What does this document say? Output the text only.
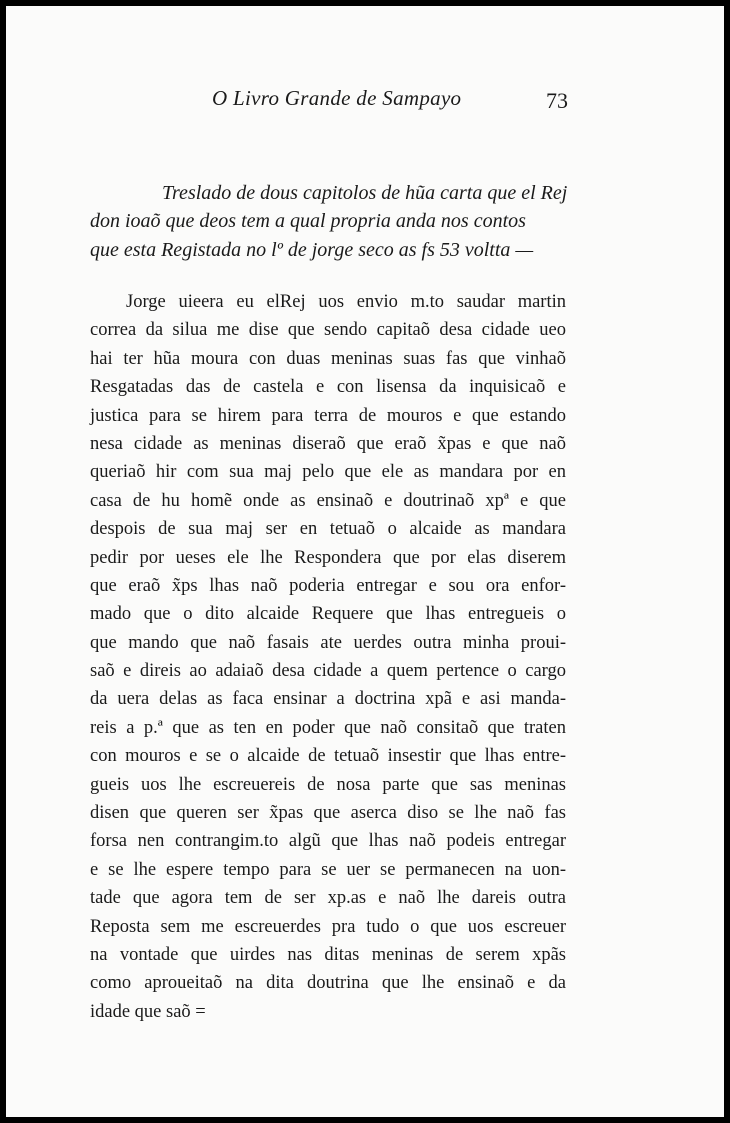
O Livro Grande de Sampayo	73
Treslado de dous capitolos de hũa carta que el Rej
don ioaõ que deos tem a qual propria anda nos contos
que esta Registada no lº de jorge seco as fs 53 voltta —
Jorge uieera eu elRej uos envio m.to saudar martin
correa da silua me dise que sendo capitaõ desa cidade ueo
hai ter hũa moura con duas meninas suas fas que vinhaõ
Resgatadas das de castela e con lisensa da inquisicaõ e
justica para se hirem para terra de mouros e que estando
nesa cidade as meninas diseraõ que eraõ x̃pas e que naõ
queriaõ hir com sua maj pelo que ele as mandara por en
casa de hu homẽ onde as ensinaõ e doutrinaõ xpª e que
despois de sua maj ser en tetuaõ o alcaide as mandara
pedir por ueses ele lhe Respondera que por elas diserem
que eraõ x̃ps lhas naõ poderia entregar e sou ora enfor-
mado que o dito alcaide Requere que lhas entregueis o
que mando que naõ fasais ate uerdes outra minha proui-
saõ e direis ao adaiaõ desa cidade a quem pertence o cargo
da uera delas as faca ensinar a doctrina xpã e asi manda-
reis a p.ª que as ten en poder que naõ consitaõ que traten
con mouros e se o alcaide de tetuaõ insestir que lhas entre-
gueis uos lhe escreuereis de nosa parte que sas meninas
disen que queren ser x̃pas que aserca diso se lhe naõ fas
forsa nen contrangim.to algũ que lhas naõ podeis entregar
e se lhe espere tempo para se uer se permanecen na uon-
tade que agora tem de ser xp.as e naõ lhe dareis outra
Reposta sem me escreuerdes pra tudo o que uos escreuer
na vontade que uirdes nas ditas meninas de serem xpãs
como aproueitaõ na dita doutrina que lhe ensinaõ e da
idade que saõ =
